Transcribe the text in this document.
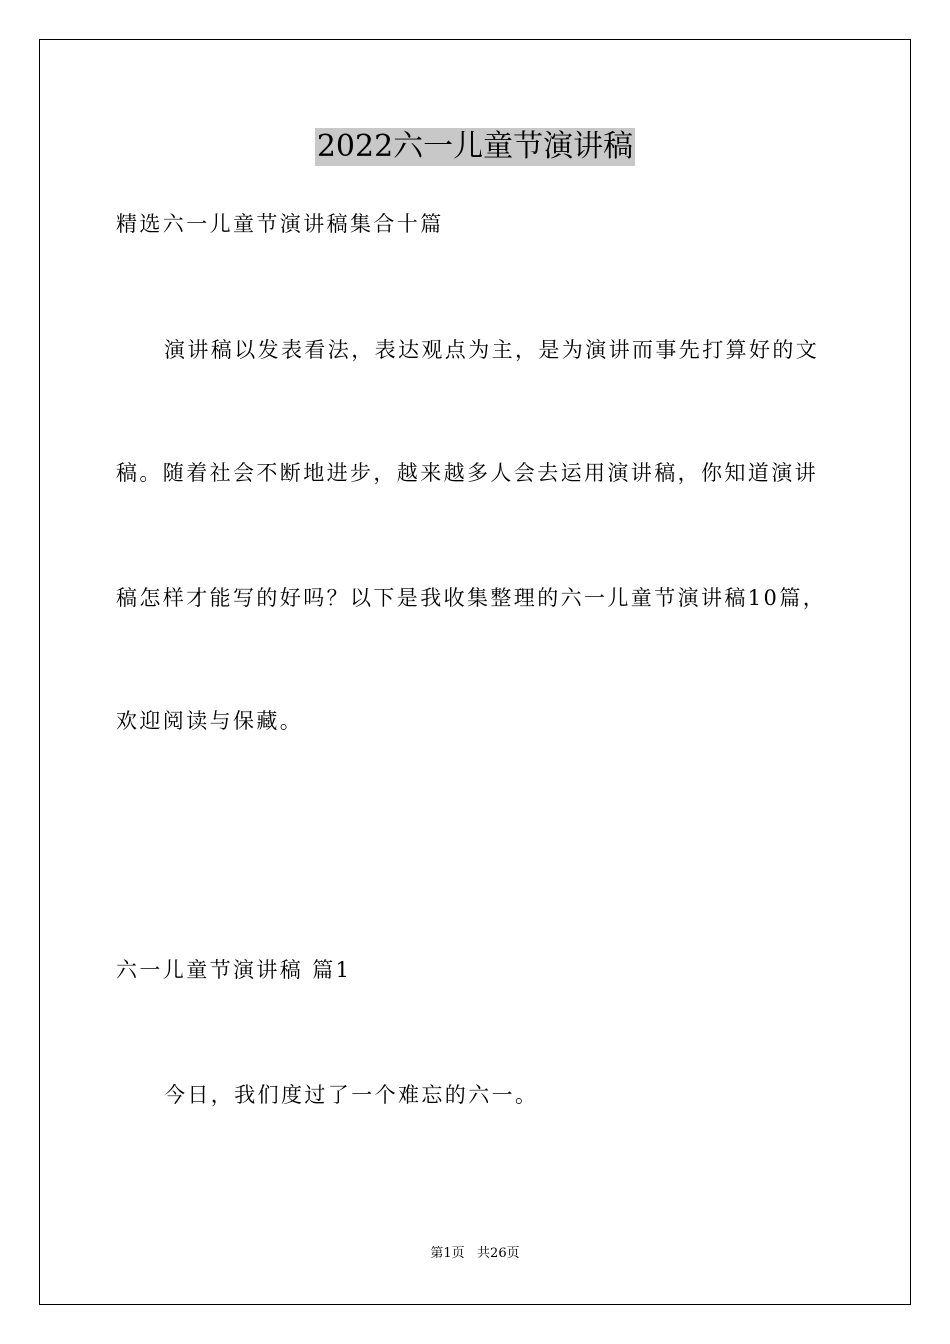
2022六一儿童节演讲稿
精选六一儿童节演讲稿集合十篇
演讲稿以发表看法，表达观点为主，是为演讲而事先打算好的文
稿。随着社会不断地进步，越来越多人会去运用演讲稿，你知道演讲
稿怎样才能写的好吗？以下是我收集整理的六一儿童节演讲稿10篇，
欢迎阅读与保藏。
六一儿童节演讲稿 篇1
今日，我们度过了一个难忘的六一。
第1页   共26页
